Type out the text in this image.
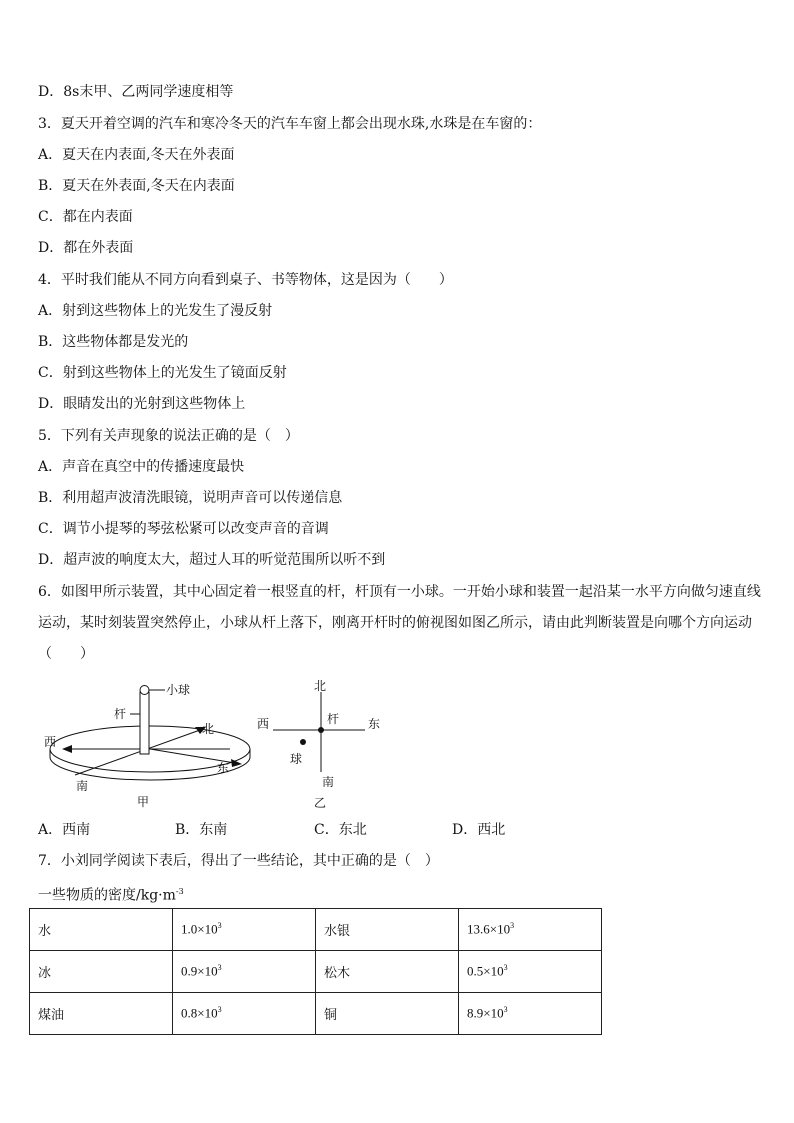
D．8s末甲、乙两同学速度相等
3．夏天开着空调的汽车和寒冷冬天的汽车车窗上都会出现水珠,水珠是在车窗的：
A．夏天在内表面,冬天在外表面
B．夏天在外表面,冬天在内表面
C．都在内表面
D．都在外表面
4．平时我们能从不同方向看到桌子、书等物体，这是因为（　　）
A．射到这些物体上的光发生了漫反射
B．这些物体都是发光的
C．射到这些物体上的光发生了镜面反射
D．眼睛发出的光射到这些物体上
5．下列有关声现象的说法正确的是（　）
A．声音在真空中的传播速度最快
B．利用超声波清洗眼镜，说明声音可以传递信息
C．调节小提琴的琴弦松紧可以改变声音的音调
D．超声波的响度太大，超过人耳的听觉范围所以听不到
6．如图甲所示装置，其中心固定着一根竖直的杆，杆顶有一小球。一开始小球和装置一起沿某一水平方向做匀速直线
运动，某时刻装置突然停止，小球从杆上落下，刚离开杆时的俯视图如图乙所示，请由此判断装置是向哪个方向运动
（　　）
小球
杆
北
西
南
东
甲
北
西	杆 东
球
南
乙
A．西南	B．东南	C．东北	D．西北
7．小刘同学阅读下表后，得出了一些结论，其中正确的是（　）
一些物质的密度$/kg\cdot m^{-3}$
水	$1.0\times 10^3$	水银	$13.6\times 10^3$
冰	$0.9\times 10^3$	松木	$0.5\times 10^3$
煤油	$0.8\times 10^3$	铜	$8.9\times 10^3$
